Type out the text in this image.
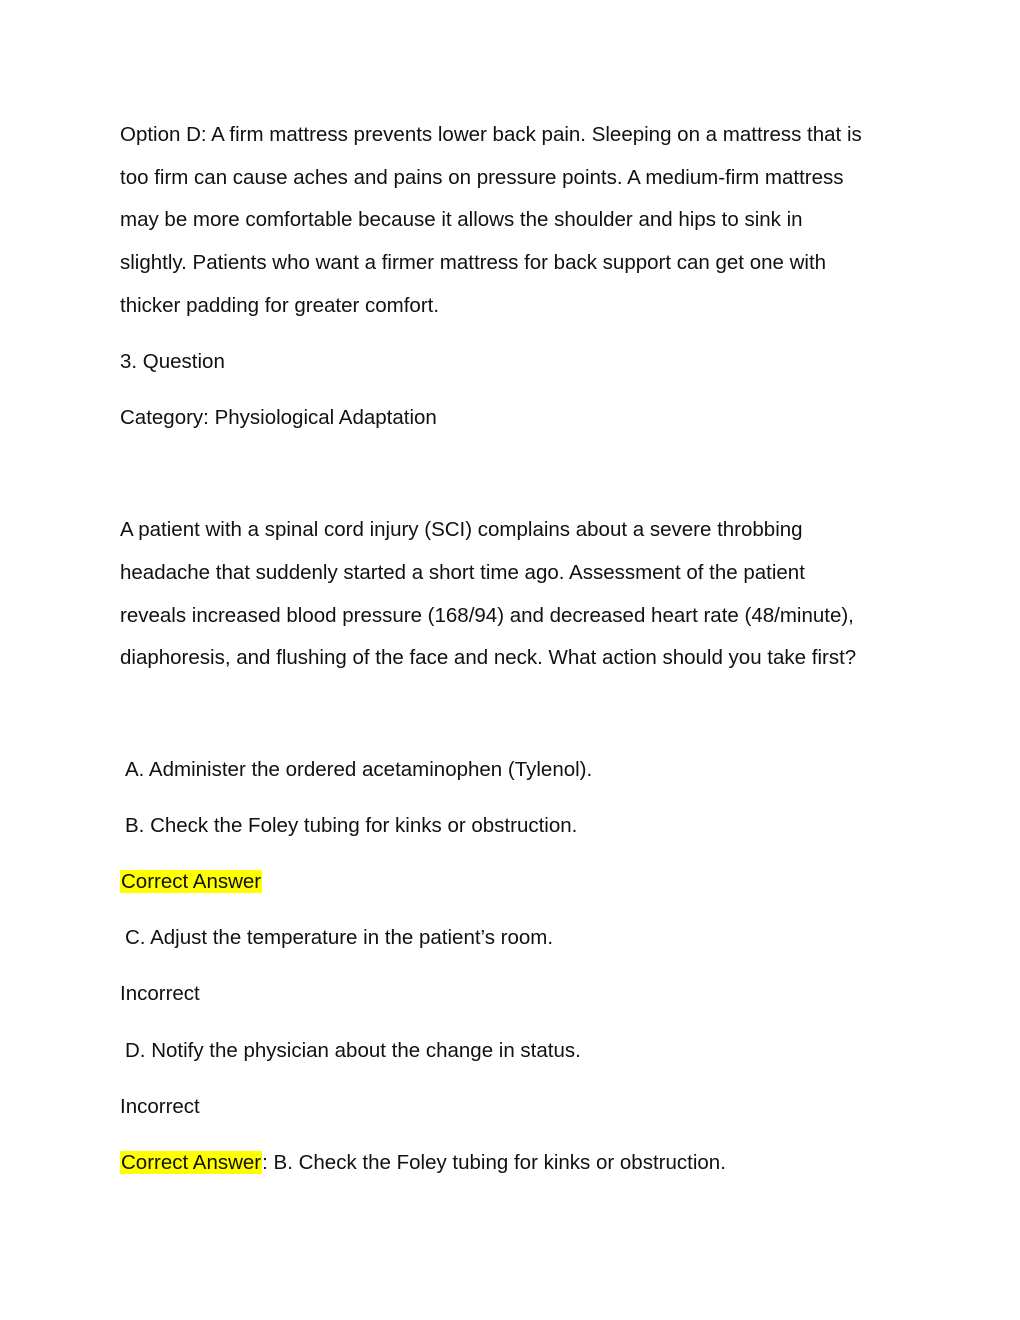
Option D: A firm mattress prevents lower back pain. Sleeping on a mattress that is
too firm can cause aches and pains on pressure points. A medium-firm mattress
may be more comfortable because it allows the shoulder and hips to sink in
slightly. Patients who want a firmer mattress for back support can get one with
thicker padding for greater comfort.
3. Question
Category: Physiological Adaptation
A patient with a spinal cord injury (SCI) complains about a severe throbbing
headache that suddenly started a short time ago. Assessment of the patient
reveals increased blood pressure (168/94) and decreased heart rate (48/minute),
diaphoresis, and flushing of the face and neck. What action should you take first?
A. Administer the ordered acetaminophen (Tylenol).
B. Check the Foley tubing for kinks or obstruction.
Correct Answer
C. Adjust the temperature in the patient’s room.
Incorrect
D. Notify the physician about the change in status.
Incorrect
Correct Answer: B. Check the Foley tubing for kinks or obstruction.
